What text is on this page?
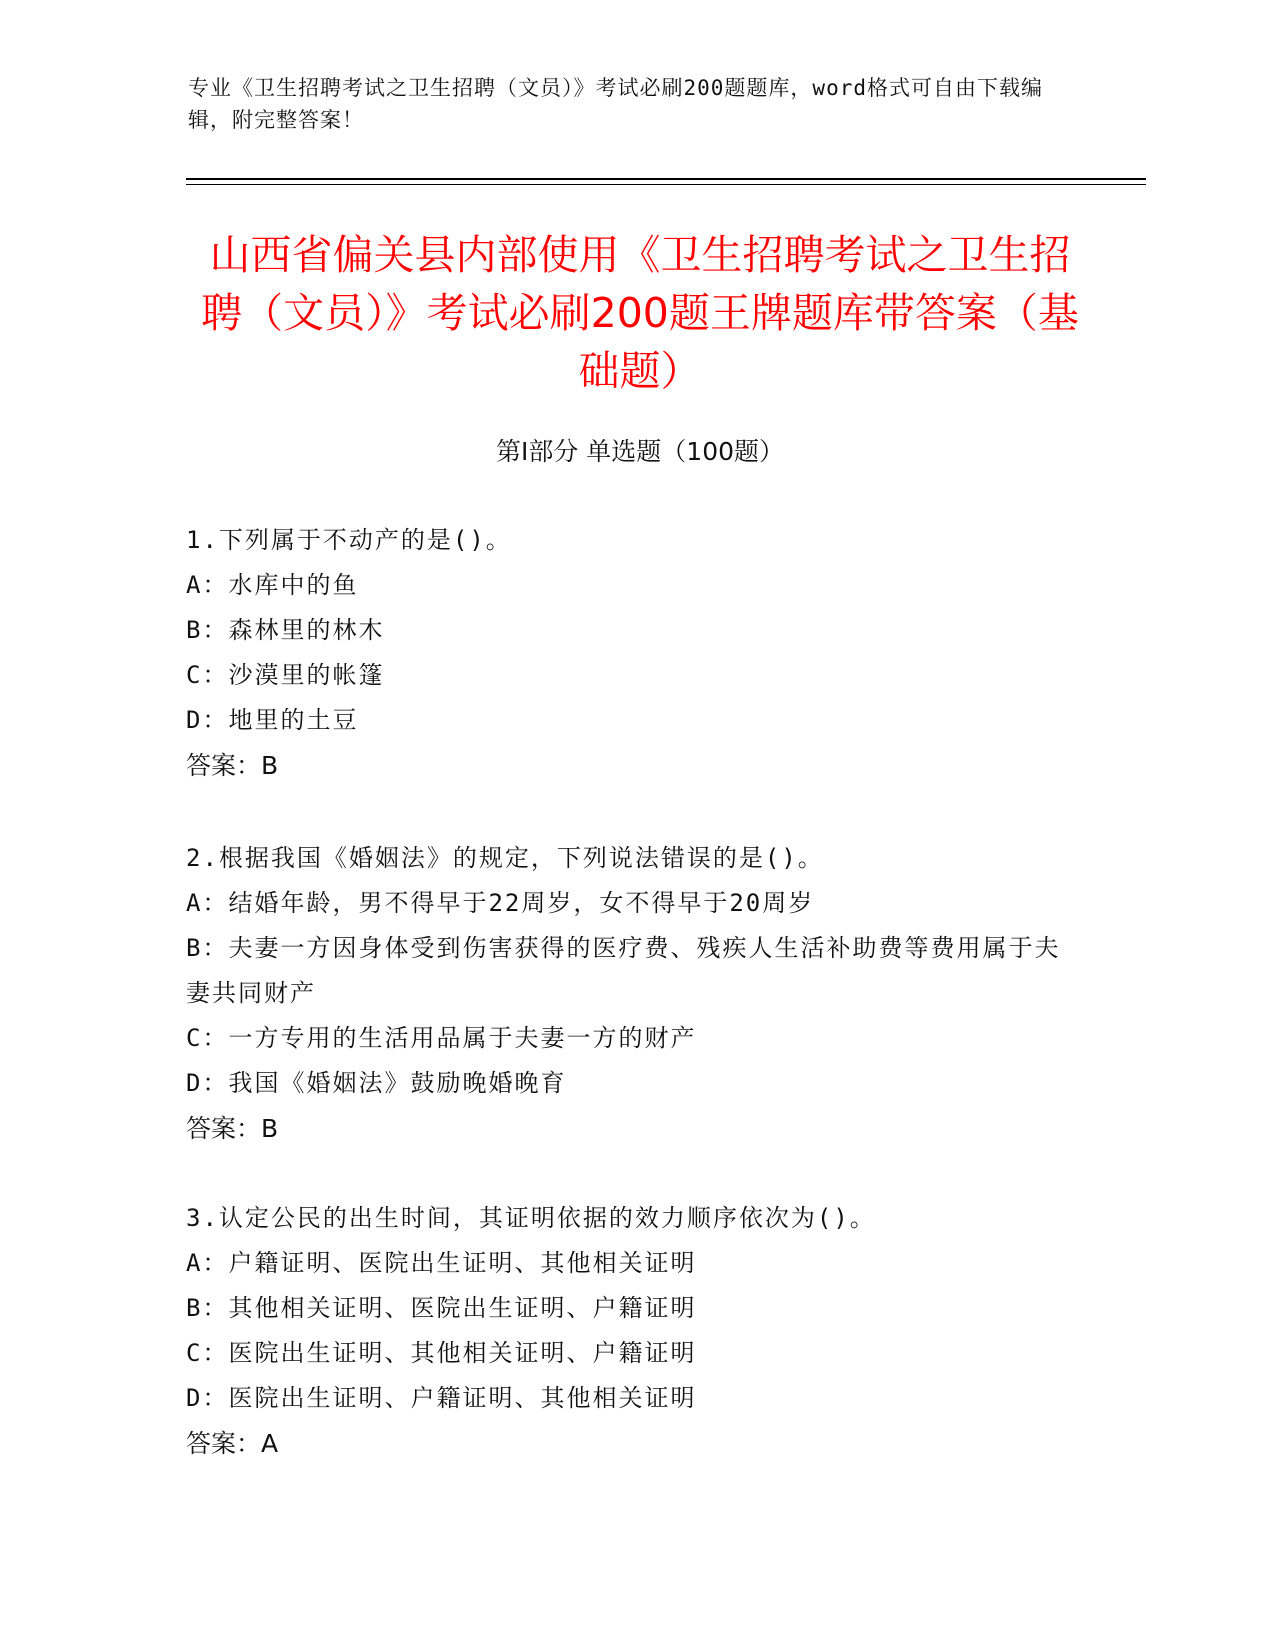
专业《卫生招聘考试之卫生招聘（文员）》考试必刷200题题库，word格式可自由下载编辑，附完整答案！
山西省偏关县内部使用《卫生招聘考试之卫生招聘（文员）》考试必刷200题王牌题库带答案（基础题）
第Ⅰ部分 单选题（100题）
1.下列属于不动产的是()。
A：水库中的鱼
B：森林里的林木
C：沙漠里的帐篷
D：地里的土豆
答案：B
2.根据我国《婚姻法》的规定，下列说法错误的是()。
A：结婚年龄，男不得早于22周岁，女不得早于20周岁
B：夫妻一方因身体受到伤害获得的医疗费、残疾人生活补助费等费用属于夫妻共同财产
C：一方专用的生活用品属于夫妻一方的财产
D：我国《婚姻法》鼓励晚婚晚育
答案：B
3.认定公民的出生时间，其证明依据的效力顺序依次为()。
A：户籍证明、医院出生证明、其他相关证明
B：其他相关证明、医院出生证明、户籍证明
C：医院出生证明、其他相关证明、户籍证明
D：医院出生证明、户籍证明、其他相关证明
答案：A
